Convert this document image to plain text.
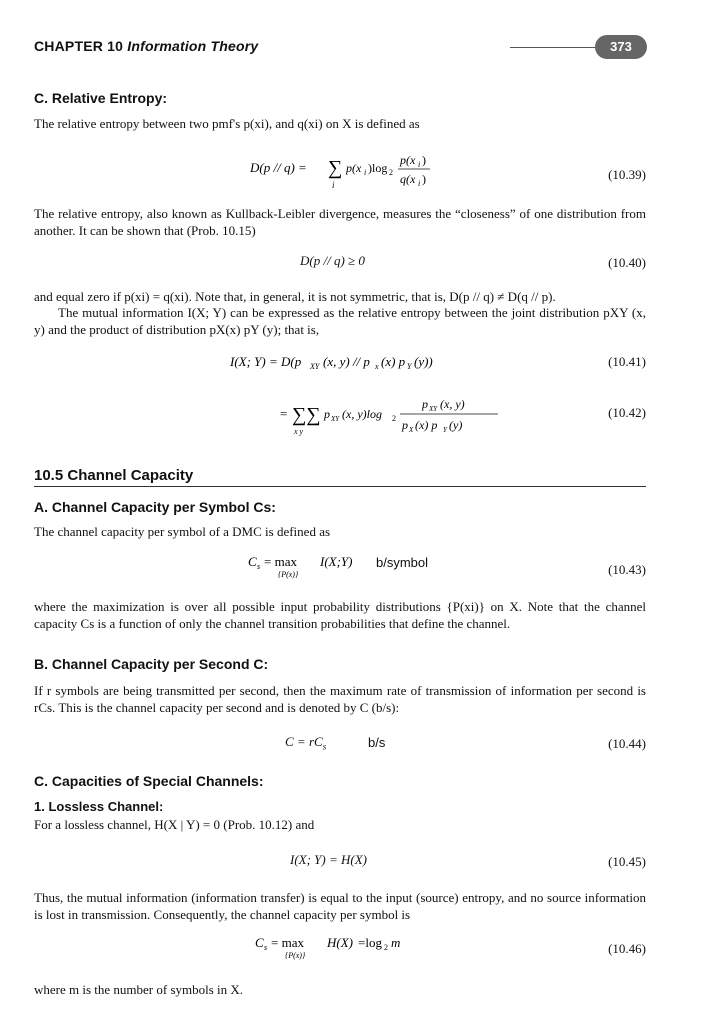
CHAPTER 10 Information Theory	373
C. Relative Entropy:
The relative entropy between two pmf's p(xi), and q(xi) on X is defined as
D(p // q) = ∑
i
p(x i )log 2
p(x i )
q(x i )	(10.39)
The relative entropy, also known as Kullback-Leibler divergence, measures the “closeness” of one distribution from another. It can be shown that (Prob. 10.15)
D(p // q) ≥ 0	(10.40)
and equal zero if p(xi) = q(xi). Note that, in general, it is not symmetric, that is, D(p // q) ≠ D(q // p).
The mutual information I(X; Y) can be expressed as the relative entropy between the joint distribution pXY (x, y) and the product of distribution pX(x) pY (y); that is,
I(X; Y) = D(p XY (x, y) // p x (x) p Y (y))	(10.41)
= ∑∑
x y
p XY (x, y)log 2
p XY (x, y)
p X (x) p Y (y)
(10.42)
10.5 Channel Capacity
A. Channel Capacity per Symbol Cs:
The channel capacity per symbol of a DMC is defined as
C s = max
{P(x)}
I(X;Y) b/symbol	(10.43)
where the maximization is over all possible input probability distributions {P(xi)} on X. Note that the channel capacity Cs is a function of only the channel transition probabilities that define the channel.
B. Channel Capacity per Second C:
If r symbols are being transmitted per second, then the maximum rate of transmission of information per second is rCs. This is the channel capacity per second and is denoted by C (b/s):
$C = rC_s$	b/s	(10.44)
C. Capacities of Special Channels:
1. Lossless Channel:
For a lossless channel, H(X | Y) = 0 (Prob. 10.12) and
I(X; Y) = H(X)	(10.45)
Thus, the mutual information (information transfer) is equal to the input (source) entropy, and no source information is lost in transmission. Consequently, the channel capacity per symbol is
C s = max
{P(x)}
H(X) =log 2 m	(10.46)
where m is the number of symbols in X.
